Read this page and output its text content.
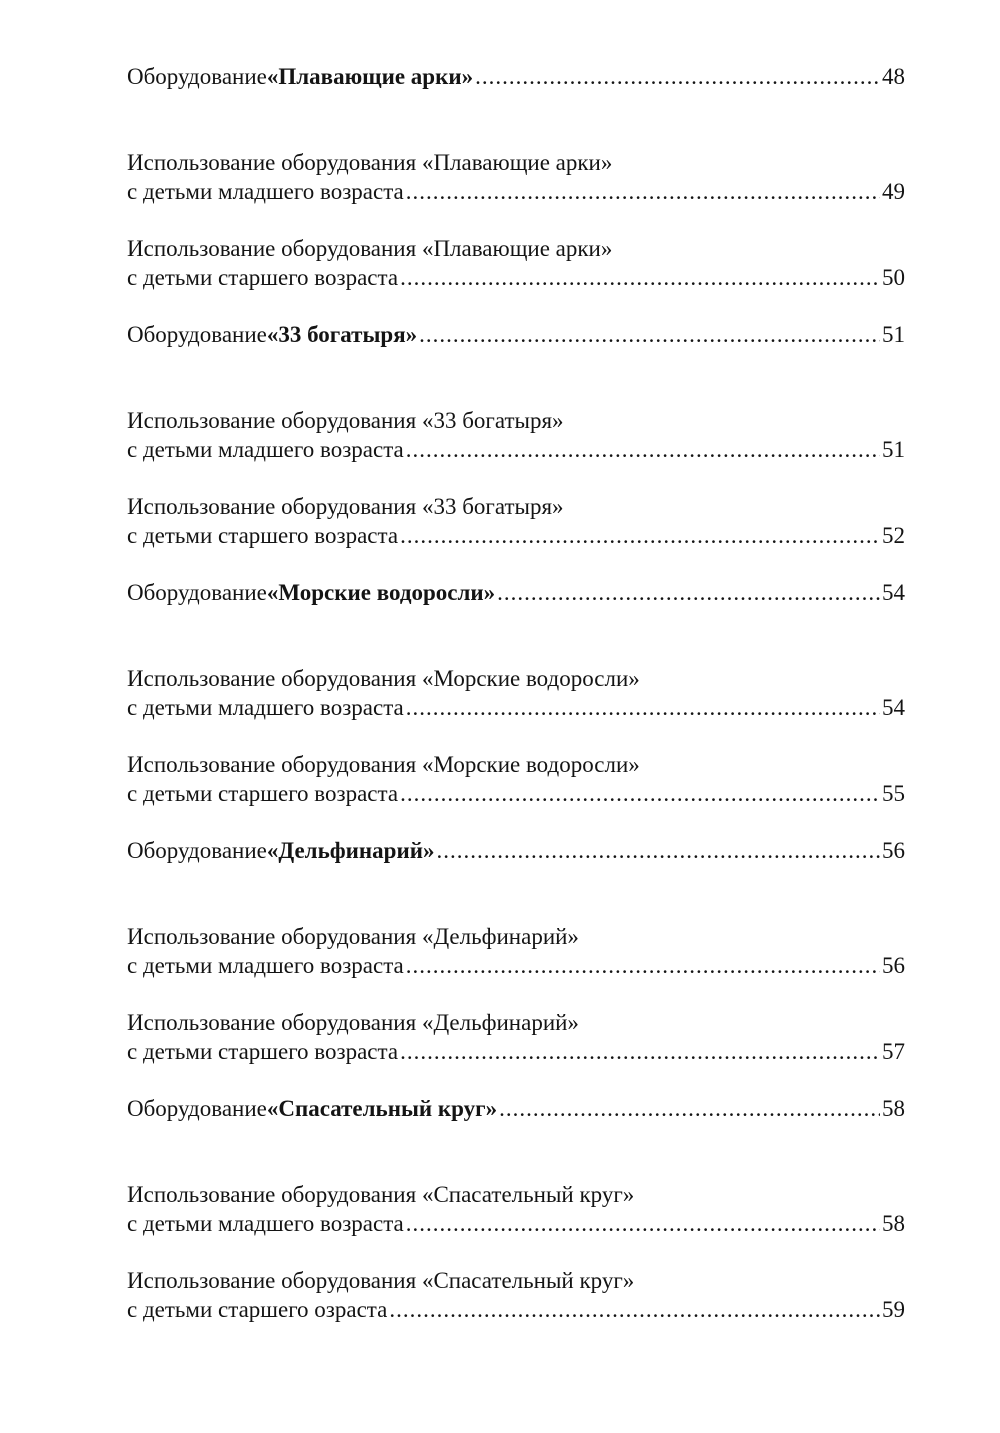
Оборудование «Плавающие арки» .....	48
Использование оборудования «Плавающие арки»
с детьми младшего возраста .....	49
Использование оборудования «Плавающие арки»
с детьми старшего возраста .....	50
Оборудование «33 богатыря» .....	51
Использование оборудования «33 богатыря»
с детьми младшего возраста .....	51
Использование оборудования «33 богатыря»
с детьми старшего возраста .....	52
Оборудование «Морские водоросли» .....	54
Использование оборудования «Морские водоросли»
с детьми младшего возраста .....	54
Использование оборудования «Морские водоросли»
с детьми старшего возраста .....	55
Оборудование «Дельфинарий» .....	56
Использование оборудования «Дельфинарий»
с детьми младшего возраста .....	56
Использование оборудования «Дельфинарий»
с детьми старшего возраста .....	57
Оборудование «Спасательный круг» .....	58
Использование оборудования «Спасательный круг»
с детьми младшего возраста .....	58
Использование оборудования «Спасательный круг»
с детьми старшего озраста .....	59
